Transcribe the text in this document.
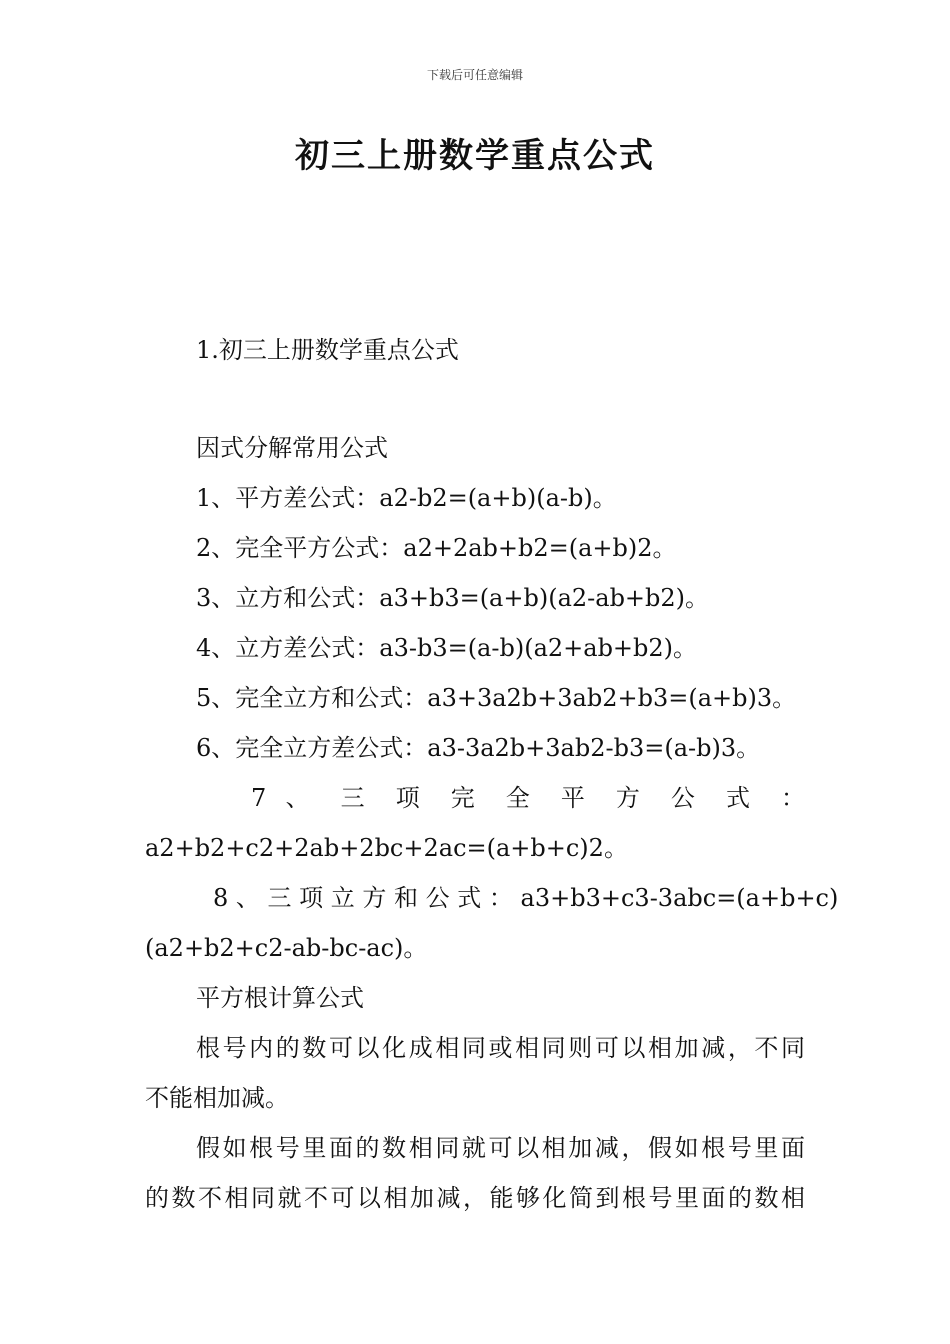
下载后可任意编辑
初三上册数学重点公式
1.初三上册数学重点公式
因式分解常用公式
1、平方差公式：a2-b2=(a+b)(a-b)。
2、完全平方公式：a2+2ab+b2=(a+b)2。
3、立方和公式：a3+b3=(a+b)(a2-ab+b2)。
4、立方差公式：a3-b3=(a-b)(a2+ab+b2)。
5、完全立方和公式：a3+3a2b+3ab2+b3=(a+b)3。
6、完全立方差公式：a3-3a2b+3ab2-b3=(a-b)3。
7 、 三 项 完 全 平 方 公 式 ：
a2+b2+c2+2ab+2bc+2ac=(a+b+c)2。
8 、 三 项 立 方 和 公 式 ： a3+b3+c3-3abc=(a+b+c)
(a2+b2+c2-ab-bc-ac)。
平方根计算公式
根号内的数可以化成相同或相同则可以相加减，不同
不能相加减。
假如根号里面的数相同就可以相加减，假如根号里面
的数不相同就不可以相加减，能够化简到根号里面的数相
